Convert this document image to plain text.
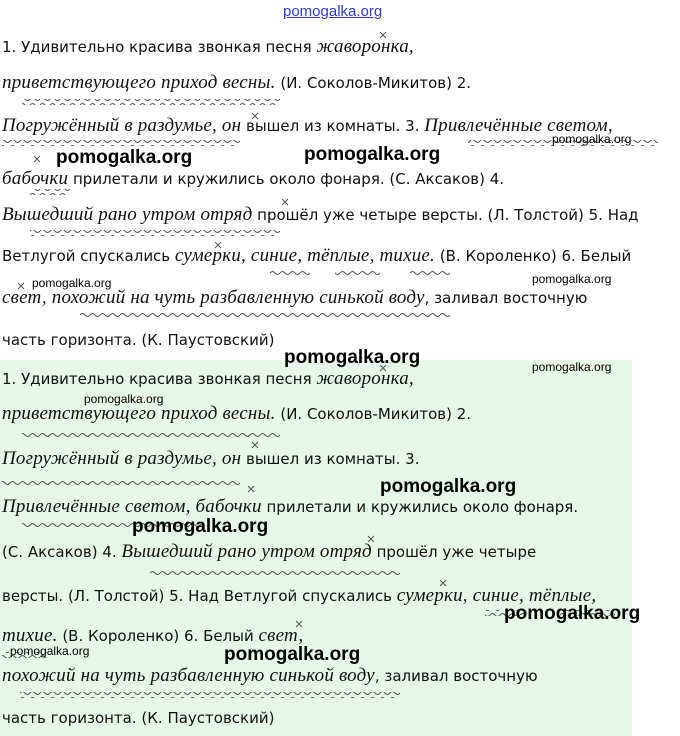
1. Удивительно красива звонкая песня жаворонка,
приветствующего приход весны. (И. Соколов-Микитов) 2.
Погружённый в раздумье, он вышел из комнаты. 3. Привлечённые светом,
бабочки прилетали и кружились около фонаря. (С. Аксаков) 4.
Вышедший рано утром отряд прошёл уже четыре версты. (Л. Толстой) 5. Над
Ветлугой спускались сумерки, синие, тёплые, тихие. (В. Короленко) 6. Белый
свет, похожий на чуть разбавленную синькой воду, заливал восточную
часть горизонта. (К. Паустовский)
1. Удивительно красива звонкая песня жаворонка,
приветствующего приход весны. (И. Соколов-Микитов) 2.
Погружённый в раздумье, он вышел из комнаты. 3.
Привлечённые светом, бабочки прилетали и кружились около фонаря.
(С. Аксаков) 4. Вышедший рано утром отряд прошёл уже четыре
версты. (Л. Толстой) 5. Над Ветлугой спускались сумерки, синие, тёплые,
тихие. (В. Короленко) 6. Белый свет,
похожий на чуть разбавленную синькой воду, заливал восточную
часть горизонта. (К. Паустовский)
pomogalka.org
pomogalka.org	pomogalka.org
pomogalka.org
pomogalka.org	pomogalka.org
pomogalka.org	pomogalka.org
pomogalka.org
pomogalka.org
pomogalka.org
pomogalka.org
pomogalka.org	pomogalka.org
